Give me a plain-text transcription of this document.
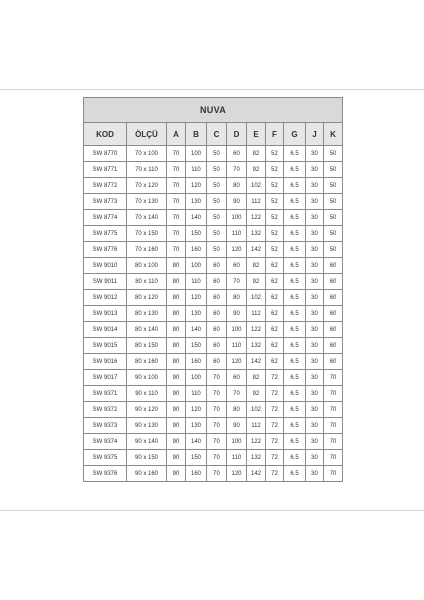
NUVA										
KOD	ÖLÇÜ	A	B	C	D	E	F	G	J	K
SW 8770	70 x 100	70	100	50	60	82	52	6.5	30	50
SW 8771	70 x 110	70	110	50	70	92	52	6.5	30	50
SW 8772	70 x 120	70	120	50	80	102	52	6.5	30	50
SW 8773	70 x 130	70	130	50	90	112	52	6.5	30	50
SW 8774	70 x 140	70	140	50	100	122	52	6.5	30	50
SW 8775	70 x 150	70	150	50	110	132	52	6.5	30	50
SW 8776	70 x 160	70	160	50	120	142	52	6.5	30	50
SW 9010	80 x 100	80	100	60	60	82	62	6.5	30	60
SW 9011	80 x 110	80	110	60	70	92	62	6.5	30	60
SW 9012	80 x 120	80	120	60	80	102	62	6.5	30	60
SW 9013	80 x 130	80	130	60	90	112	62	6.5	30	60
SW 9014	80 x 140	80	140	60	100	122	62	6.5	30	60
SW 9015	80 x 150	80	150	60	110	132	62	6.5	30	60
SW 9016	80 x 160	80	160	60	120	142	62	6.5	30	60
SW 9017	90 x 100	90	100	70	60	82	72	6.5	30	70
SW 9371	90 x 110	90	110	70	70	92	72	6.5	30	70
SW 9372	90 x 120	90	120	70	80	102	72	6.5	30	70
SW 9373	90 x 130	90	130	70	90	112	72	6.5	30	70
SW 9374	90 x 140	90	140	70	100	122	72	6.5	30	70
SW 9375	90 x 150	90	150	70	110	132	72	6.5	30	70
SW 9376	90 x 160	90	160	70	120	142	72	6.5	30	70
